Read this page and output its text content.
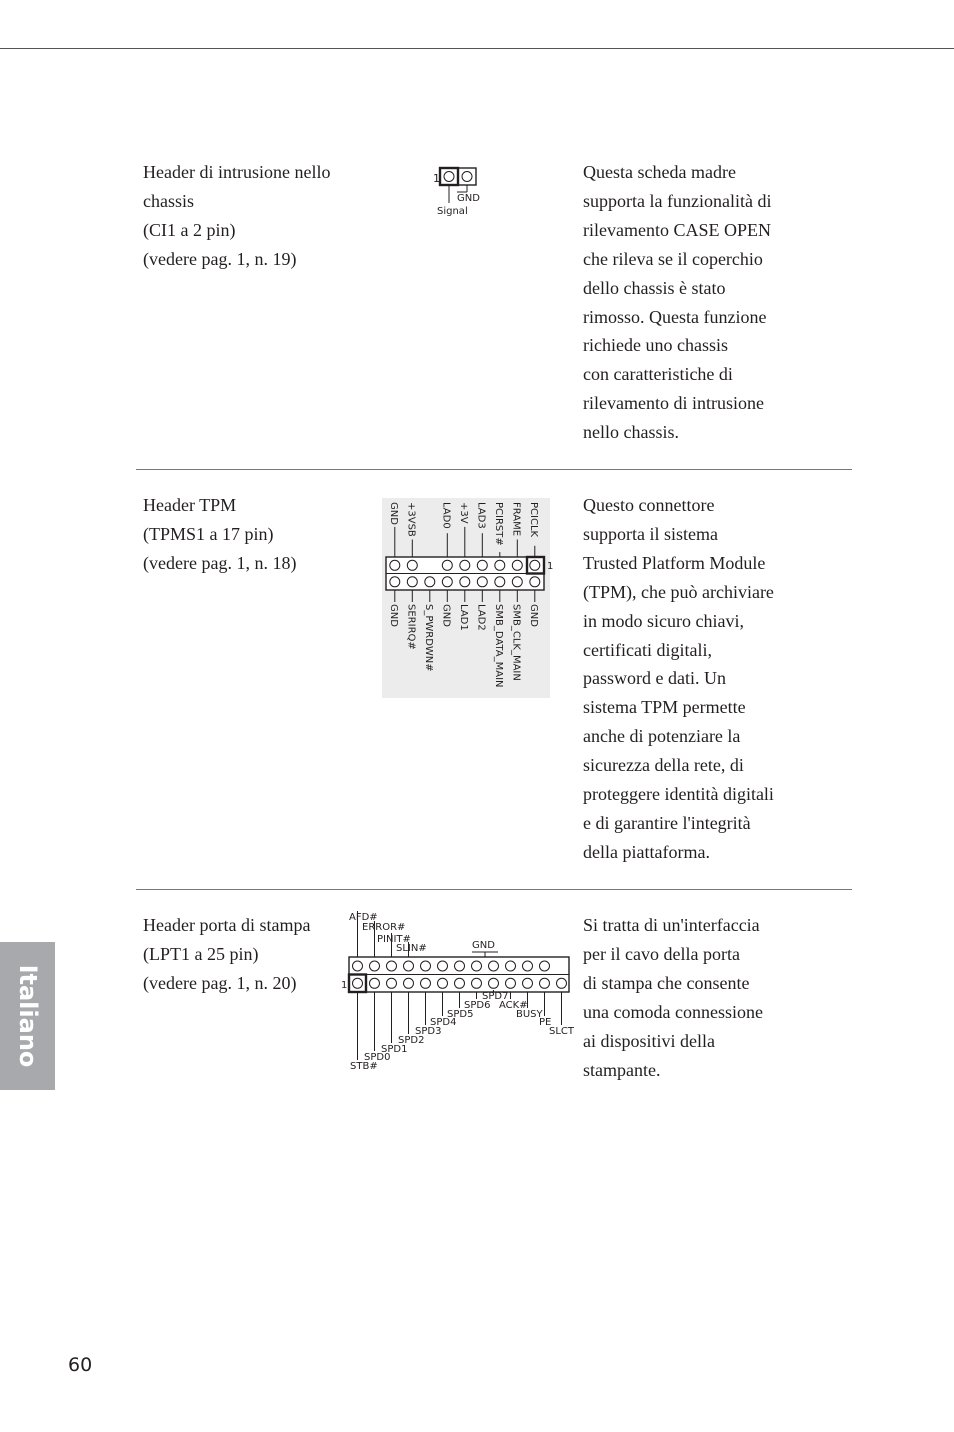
Header di intrusione nello
chassis
(CI1 a 2 pin)
(vedere pag. 1, n. 19)
1
GND
Signal
Questa scheda madre
supporta la funzionalità di
rilevamento CASE OPEN
che rileva se il coperchio
dello chassis è stato
rimosso. Questa funzione
richiede uno chassis
con caratteristiche di
rilevamento di intrusione
nello chassis.
Header TPM
(TPMS1 a 17 pin)
(vedere pag. 1, n. 18)
GND +3VSB LAD0 +3V LAD3 PCIRST# FRAME PCICLK
1
GND SERIRQ# S_PWRDWN# GND LAD1 LAD2 SMB_DATA_MAIN SMB_CLK_MAIN GND
Questo connettore
supporta il sistema
Trusted Platform Module
(TPM), che può archiviare
in modo sicuro chiavi,
certificati digitali,
password e dati. Un
sistema TPM permette
anche di potenziare la
sicurezza della rete, di
proteggere identità digitali
e di garantire l'integrità
della piattaforma.
Header porta di stampa
(LPT1 a 25 pin)
(vedere pag. 1, n. 20)
AFD#
ERROR#
PINIT#
SLIN#	GND
1
STB#
SPD0
SPD1
SPD2
SPD3
SPD4
SPD5
SPD6
SPD7
ACK#
BUSY
PE
SLCT
Si tratta di un'interfaccia
per il cavo della porta
di stampa che consente
una comoda connessione
ai dispositivi della
stampante.
Italiano
60
